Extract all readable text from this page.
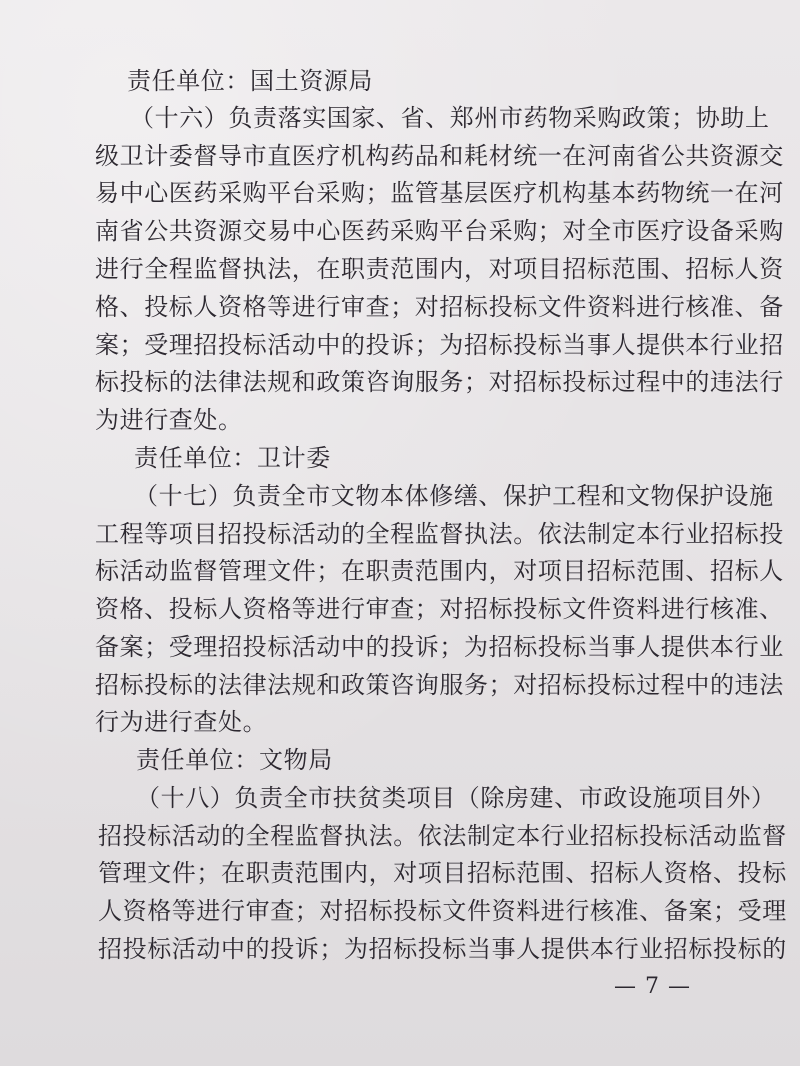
责任单位：国土资源局
（十六）负责落实国家、省、郑州市药物采购政策；协助上
级卫计委督导市直医疗机构药品和耗材统一在河南省公共资源交
易中心医药采购平台采购；监管基层医疗机构基本药物统一在河
南省公共资源交易中心医药采购平台采购；对全市医疗设备采购
进行全程监督执法，在职责范围内，对项目招标范围、招标人资
格、投标人资格等进行审查；对招标投标文件资料进行核准、备
案；受理招投标活动中的投诉；为招标投标当事人提供本行业招
标投标的法律法规和政策咨询服务；对招标投标过程中的违法行
为进行查处。
责任单位：卫计委
（十七）负责全市文物本体修缮、保护工程和文物保护设施
工程等项目招投标活动的全程监督执法。依法制定本行业招标投
标活动监督管理文件；在职责范围内，对项目招标范围、招标人
资格、投标人资格等进行审查；对招标投标文件资料进行核准、
备案；受理招投标活动中的投诉；为招标投标当事人提供本行业
招标投标的法律法规和政策咨询服务；对招标投标过程中的违法
行为进行查处。
责任单位：文物局
（十八）负责全市扶贫类项目（除房建、市政设施项目外）
招投标活动的全程监督执法。依法制定本行业招标投标活动监督
管理文件；在职责范围内，对项目招标范围、招标人资格、投标
人资格等进行审查；对招标投标文件资料进行核准、备案；受理
招投标活动中的投诉；为招标投标当事人提供本行业招标投标的
— 7 —
